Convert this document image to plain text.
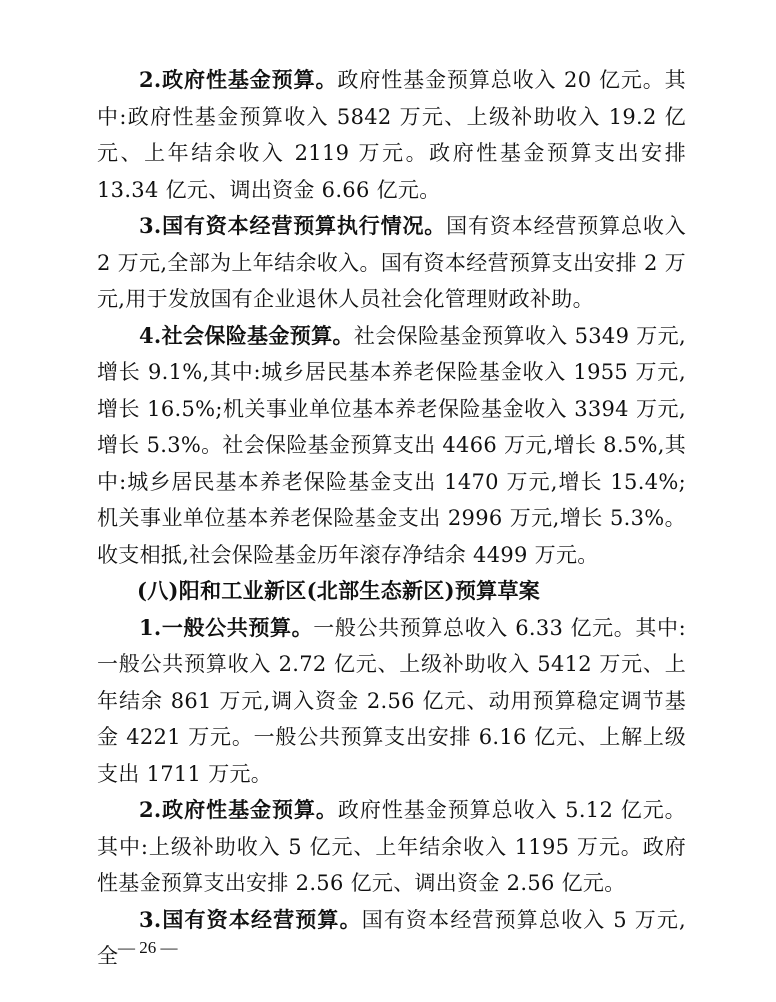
2.政府性基金预算。政府性基金预算总收入 20 亿元。其中:政府性基金预算收入 5842 万元、上级补助收入 19.2 亿元、上年结余收入 2119 万元。政府性基金预算支出安排 13.34 亿元、调出资金 6.66 亿元。

3.国有资本经营预算执行情况。国有资本经营预算总收入 2 万元,全部为上年结余收入。国有资本经营预算支出安排 2 万元,用于发放国有企业退休人员社会化管理财政补助。

4.社会保险基金预算。社会保险基金预算收入 5349 万元,增长 9.1%,其中:城乡居民基本养老保险基金收入 1955 万元,增长 16.5%;机关事业单位基本养老保险基金收入 3394 万元,增长 5.3%。社会保险基金预算支出 4466 万元,增长 8.5%,其中:城乡居民基本养老保险基金支出 1470 万元,增长 15.4%;机关事业单位基本养老保险基金支出 2996 万元,增长 5.3%。收支相抵,社会保险基金历年滚存净结余 4499 万元。

(八)阳和工业新区(北部生态新区)预算草案

1.一般公共预算。一般公共预算总收入 6.33 亿元。其中:一般公共预算收入 2.72 亿元、上级补助收入 5412 万元、上年结余 861 万元,调入资金 2.56 亿元、动用预算稳定调节基金 4221 万元。一般公共预算支出安排 6.16 亿元、上解上级支出 1711 万元。

2.政府性基金预算。政府性基金预算总收入 5.12 亿元。其中:上级补助收入 5 亿元、上年结余收入 1195 万元。政府性基金预算支出安排 2.56 亿元、调出资金 2.56 亿元。

3.国有资本经营预算。国有资本经营预算总收入 5 万元,全 — 26 —
